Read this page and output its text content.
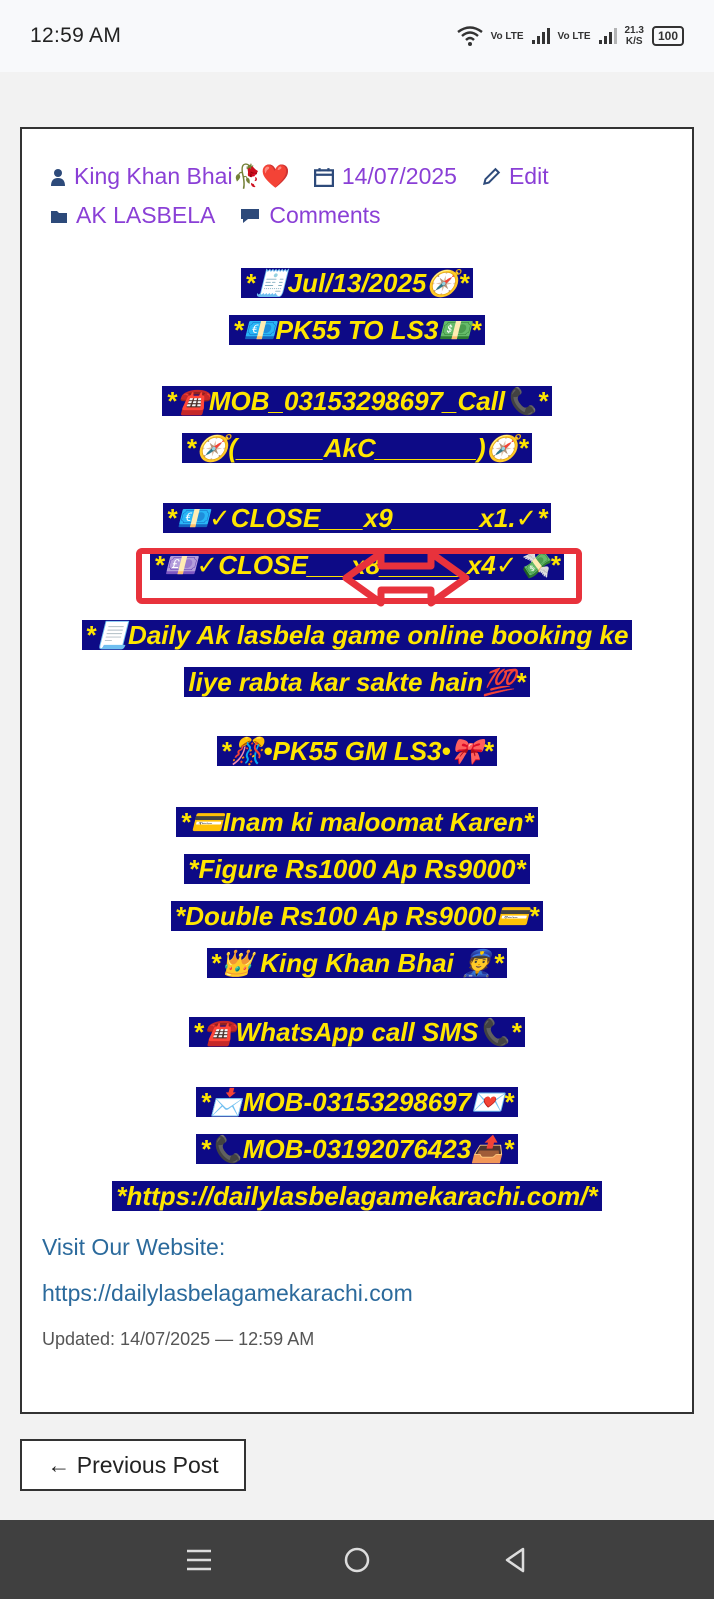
12:59 AM	Vo LTE	Vo LTE	21.3
K/S	100
King Khan Bhai🥀❤️ 14/07/2025 Edit
AK LASBELA Comments
*🧾Jul/13/2025🧭*
*💶PK55 TO LS3💵*
*☎️MOB_03153298697_Call📞*
*🧭(______AkC_______)🧭*
*💶✓CLOSE___x9______x1.✓*
*💷✓CLOSE___x8______x4✓💸*
*📃Daily Ak lasbela game online booking ke
liye rabta kar sakte hain💯*
*🎊•PK55 GM LS3•🎀*
*💳Inam ki maloomat Karen*
*Figure Rs1000 Ap Rs9000*
*Double Rs100 Ap Rs9000💳*
*👑 King Khan Bhai 👮*
*☎️WhatsApp call SMS📞*
*📩MOB-03153298697💌*
*📞MOB-03192076423📤*
*https://dailylasbelagamekarachi.com/*
Visit Our Website:
https://dailylasbelagamekarachi.com
Updated: 14/07/2025 — 12:59 AM
← Previous Post
